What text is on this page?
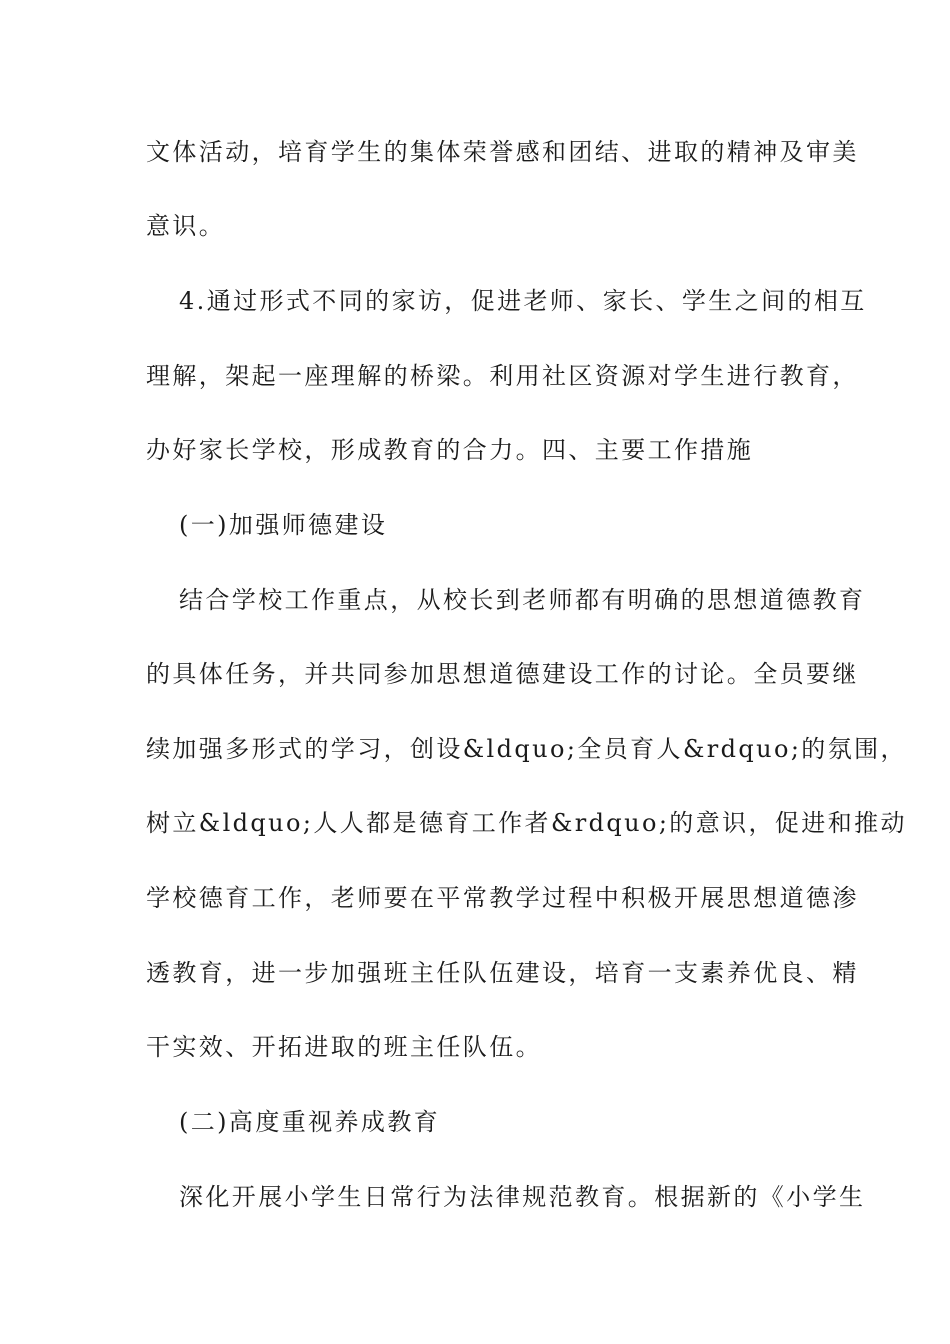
文体活动，培育学生的集体荣誉感和团结、进取的精神及审美
意识。
4.通过形式不同的家访，促进老师、家长、学生之间的相互
理解，架起一座理解的桥梁。利用社区资源对学生进行教育，
办好家长学校，形成教育的合力。四、主要工作措施
(一)加强师德建设
结合学校工作重点，从校长到老师都有明确的思想道德教育
的具体任务，并共同参加思想道德建设工作的讨论。全员要继
续加强多形式的学习，创设&ldquo;全员育人&rdquo;的氛围，
树立&ldquo;人人都是德育工作者&rdquo;的意识，促进和推动
学校德育工作，老师要在平常教学过程中积极开展思想道德渗
透教育，进一步加强班主任队伍建设，培育一支素养优良、精
干实效、开拓进取的班主任队伍。
(二)高度重视养成教育
深化开展小学生日常行为法律规范教育。根据新的《小学生
